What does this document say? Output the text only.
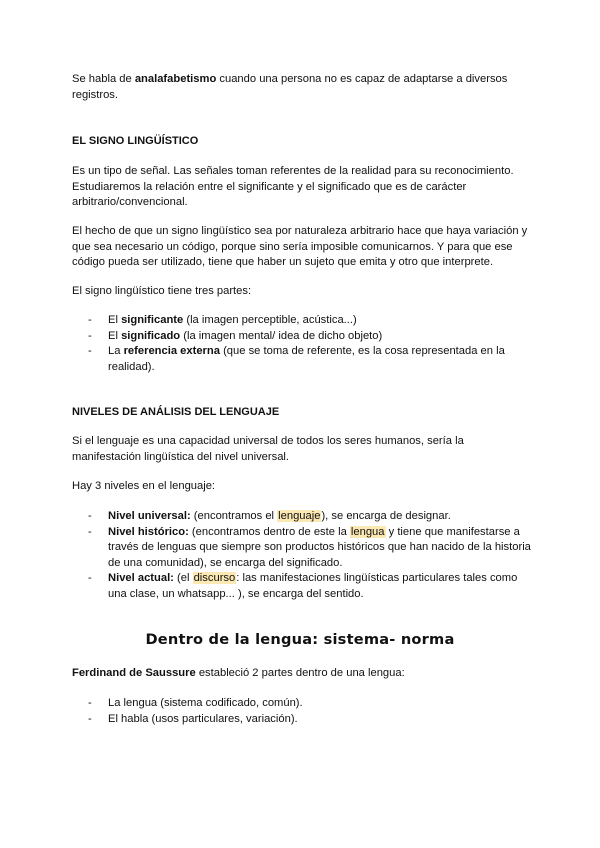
Se habla de analafabetismo cuando una persona no es capaz de adaptarse a diversos registros.

EL SIGNO LINGÜÍSTICO

Es un tipo de señal. Las señales toman referentes de la realidad para su reconocimiento. Estudiaremos la relación entre el significante y el significado que es de carácter arbitrario/convencional.

El hecho de que un signo lingüístico sea por naturaleza arbitrario hace que haya variación y que sea necesario un código, porque sino sería imposible comunicarnos. Y para que ese código pueda ser utilizado, tiene que haber un sujeto que emita y otro que interprete.

El signo lingüístico tiene tres partes:

- El significante (la imagen perceptible, acústica...)
- El significado (la imagen mental/ idea de dicho objeto)
- La referencia externa (que se toma de referente, es la cosa representada en la realidad).

NIVELES DE ANÁLISIS DEL LENGUAJE

Si el lenguaje es una capacidad universal de todos los seres humanos, sería la manifestación lingüística del nivel universal.

Hay 3 niveles en el lenguaje:

- Nivel universal: (encontramos el lenguaje), se encarga de designar.
- Nivel histórico: (encontramos dentro de este la lengua y tiene que manifestarse a través de lenguas que siempre son productos históricos que han nacido de la historia de una comunidad), se encarga del significado.
- Nivel actual: (el discurso: las manifestaciones lingüísticas particulares tales como una clase, un whatsapp... ), se encarga del sentido.

Dentro de la lengua: sistema- norma

Ferdinand de Saussure estableció 2 partes dentro de una lengua:

- La lengua (sistema codificado, común).
- El habla (usos particulares, variación).
